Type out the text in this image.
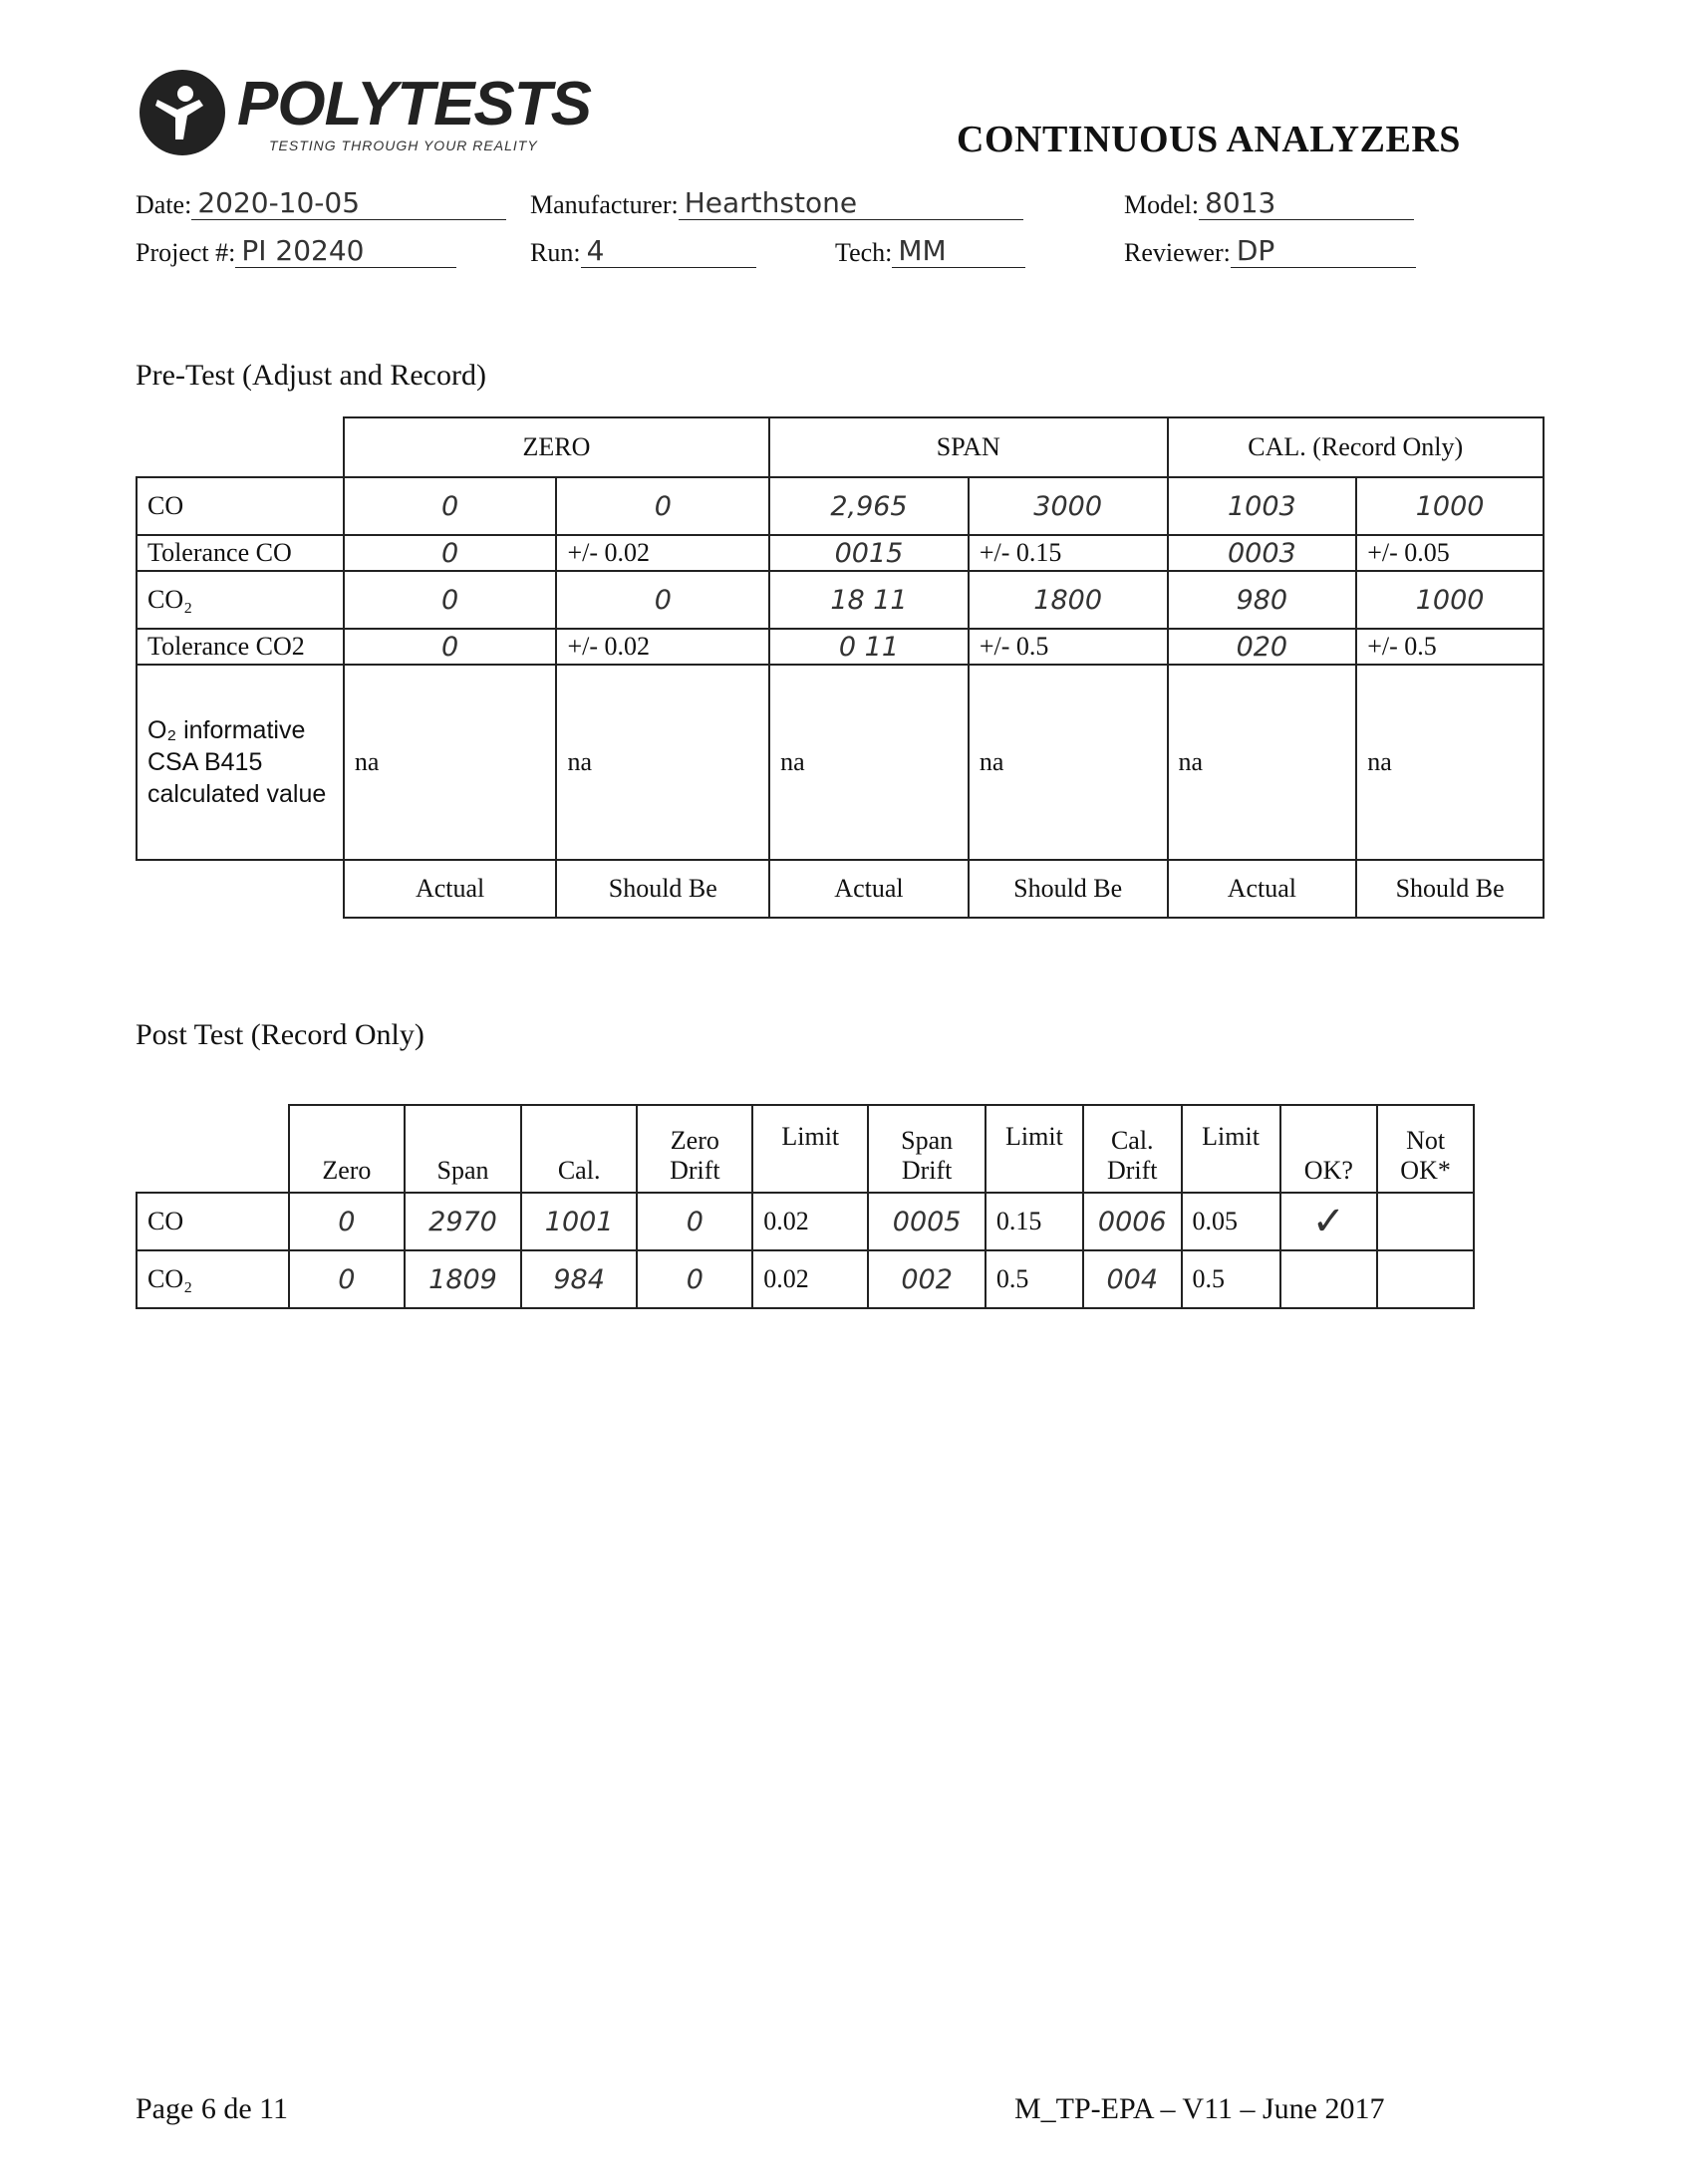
POLYTESTS
TESTING THROUGH YOUR REALITY	CONTINUOUS ANALYZERS
Date: 2020-10-05	Manufacturer: Hearthstone	Model: 8013
Project #: PI 20240	Run: 4	Tech: MM	Reviewer: DP
Pre-Test (Adjust and Record)
	ZERO		SPAN		CAL. (Record Only)	
CO	0	0	2,965	3000	1003	1000
Tolerance CO	0	+/- 0.02	0015	+/- 0.15	0003	+/- 0.05
CO₂	0	0	18 11	1800	980	1000
Tolerance CO2	0	+/- 0.02	0 11	+/- 0.5	020	+/- 0.5
O₂ informative CSA B415 calculated value	na	na	na	na	na	na
	Actual	Should Be	Actual	Should Be	Actual	Should Be
Post Test (Record Only)
	Zero	Span	Cal.	Zero Drift	Limit	Span Drift	Limit	Cal. Drift	Limit	OK?	Not OK*
CO	0	2970	1001	0	0.02	0005	0.15	0006	0.05	✓	
CO₂	0	1809	984	0	0.02	002	0.5	004	0.5		
Page 6 de 11	M_TP-EPA – V11 – June 2017
